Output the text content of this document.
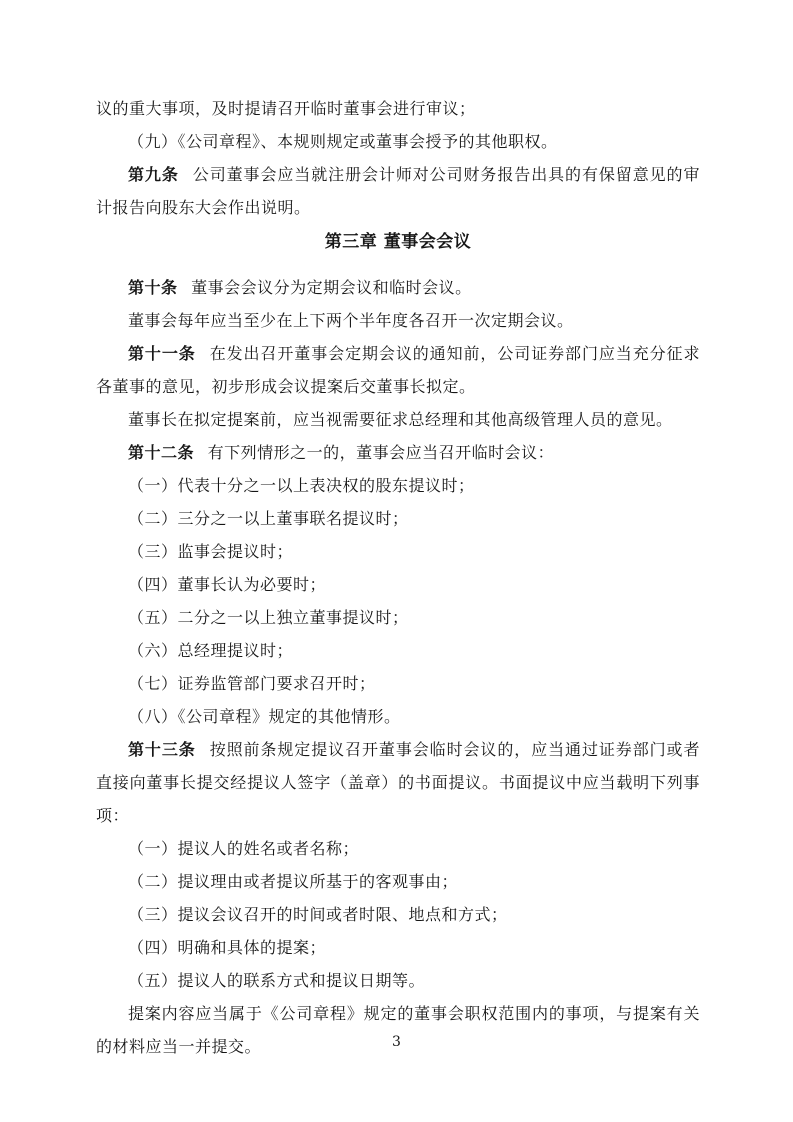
议的重大事项，及时提请召开临时董事会进行审议；

（九）《公司章程》、本规则规定或董事会授予的其他职权。

第九条 公司董事会应当就注册会计师对公司财务报告出具的有保留意见的审计报告向股东大会作出说明。

第三章 董事会会议

第十条 董事会会议分为定期会议和临时会议。

董事会每年应当至少在上下两个半年度各召开一次定期会议。

第十一条 在发出召开董事会定期会议的通知前，公司证券部门应当充分征求各董事的意见，初步形成会议提案后交董事长拟定。

董事长在拟定提案前，应当视需要征求总经理和其他高级管理人员的意见。

第十二条 有下列情形之一的，董事会应当召开临时会议：

（一）代表十分之一以上表决权的股东提议时；

（二）三分之一以上董事联名提议时；

（三）监事会提议时；

（四）董事长认为必要时；

（五）二分之一以上独立董事提议时；

（六）总经理提议时；

（七）证券监管部门要求召开时；

（八）《公司章程》规定的其他情形。

第十三条 按照前条规定提议召开董事会临时会议的，应当通过证券部门或者直接向董事长提交经提议人签字（盖章）的书面提议。书面提议中应当载明下列事项：

（一）提议人的姓名或者名称；

（二）提议理由或者提议所基于的客观事由；

（三）提议会议召开的时间或者时限、地点和方式；

（四）明确和具体的提案；

（五）提议人的联系方式和提议日期等。

提案内容应当属于《公司章程》规定的董事会职权范围内的事项，与提案有关的材料应当一并提交。	3
